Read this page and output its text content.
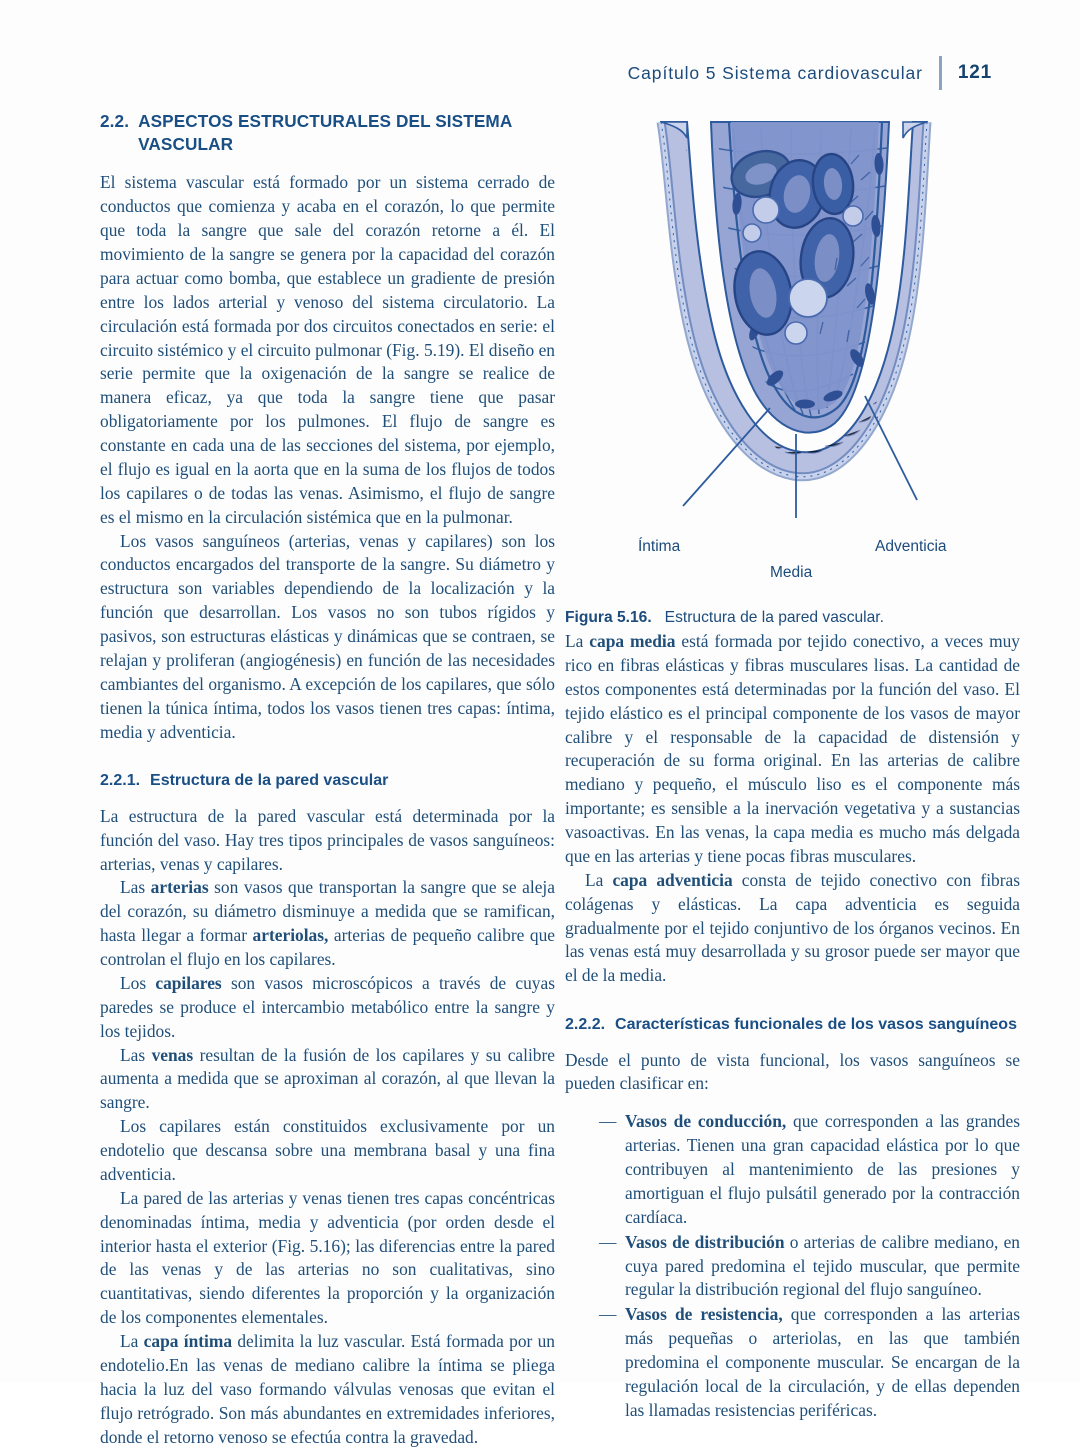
Capítulo 5 Sistema cardiovascular 121
2.2. ASPECTOS ESTRUCTURALES DEL SISTEMA VASCULAR

El sistema vascular está formado por un sistema cerrado de conductos que comienza y acaba en el corazón, lo que permite que toda la sangre que sale del corazón retorne a él. El movimiento de la sangre se genera por la capacidad del corazón para actuar como bomba, que establece un gradiente de presión entre los lados arterial y venoso del sistema circulatorio. La circulación está formada por dos circuitos conectados en serie: el circuito sistémico y el circuito pulmonar (Fig. 5.19). El diseño en serie permite que la oxigenación de la sangre se realice de manera eficaz, ya que toda la sangre tiene que pasar obligatoriamente por los pulmones. El flujo de sangre es constante en cada una de las secciones del sistema, por ejemplo, el flujo es igual en la aorta que en la suma de los flujos de todos los capilares o de todas las venas. Asimismo, el flujo de sangre es el mismo en la circulación sistémica que en la pulmonar.

Los vasos sanguíneos (arterias, venas y capilares) son los conductos encargados del transporte de la sangre. Su diámetro y estructura son variables dependiendo de la localización y la función que desarrollan. Los vasos no son tubos rígidos y pasivos, son estructuras elásticas y dinámicas que se contraen, se relajan y proliferan (angiogénesis) en función de las necesidades cambiantes del organismo. A excepción de los capilares, que sólo tienen la túnica íntima, todos los vasos tienen tres capas: íntima, media y adventicia.

2.2.1. Estructura de la pared vascular

La estructura de la pared vascular está determinada por la función del vaso. Hay tres tipos principales de vasos sanguíneos: arterias, venas y capilares.

Las arterias son vasos que transportan la sangre que se aleja del corazón, su diámetro disminuye a medida que se ramifican, hasta llegar a formar arteriolas, arterias de pequeño calibre que controlan el flujo en los capilares.

Los capilares son vasos microscópicos a través de cuyas paredes se produce el intercambio metabólico entre la sangre y los tejidos.

Las venas resultan de la fusión de los capilares y su calibre aumenta a medida que se aproximan al corazón, al que llevan la sangre.

Los capilares están constituidos exclusivamente por un endotelio que descansa sobre una membrana basal y una fina adventicia.

La pared de las arterias y venas tienen tres capas concéntricas denominadas íntima, media y adventicia (por orden desde el interior hasta el exterior (Fig. 5.16); las diferencias entre la pared de las venas y de las arterias no son cualitativas, sino cuantitativas, siendo diferentes la proporción y la organización de los componentes elementales.

La capa íntima delimita la luz vascular. Está formada por un endotelio.En las venas de mediano calibre la íntima se pliega hacia la luz del vaso formando válvulas venosas que evitan el flujo retrógrado. Son más abundantes en extremidades inferiores, donde el retorno venoso se efectúa contra la gravedad.

Íntima
Media
Adventicia
Figura 5.16. Estructura de la pared vascular.

La capa media está formada por tejido conectivo, a veces muy rico en fibras elásticas y fibras musculares lisas. La cantidad de estos componentes está determinadas por la función del vaso. El tejido elástico es el principal componente de los vasos de mayor calibre y el responsable de la capacidad de distensión y recuperación de su forma original. En las arterias de calibre mediano y pequeño, el músculo liso es el componente más importante; es sensible a la inervación vegetativa y a sustancias vasoactivas. En las venas, la capa media es mucho más delgada que en las arterias y tiene pocas fibras musculares.

La capa adventicia consta de tejido conectivo con fibras colágenas y elásticas. La capa adventicia es seguida gradualmente por el tejido conjuntivo de los órganos vecinos. En las venas está muy desarrollada y su grosor puede ser mayor que el de la media.

2.2.2. Características funcionales de los vasos sanguíneos

Desde el punto de vista funcional, los vasos sanguíneos se pueden clasificar en:

— Vasos de conducción, que corresponden a las grandes arterias. Tienen una gran capacidad elástica por lo que contribuyen al mantenimiento de las presiones y amortiguan el flujo pulsátil generado por la contracción cardíaca.
— Vasos de distribución o arterias de calibre mediano, en cuya pared predomina el tejido muscular, que permite regular la distribución regional del flujo sanguíneo.
— Vasos de resistencia, que corresponden a las arterias más pequeñas o arteriolas, en las que también predomina el componente muscular. Se encargan de la regulación local de la circulación, y de ellas dependen las llamadas resistencias periféricas.
